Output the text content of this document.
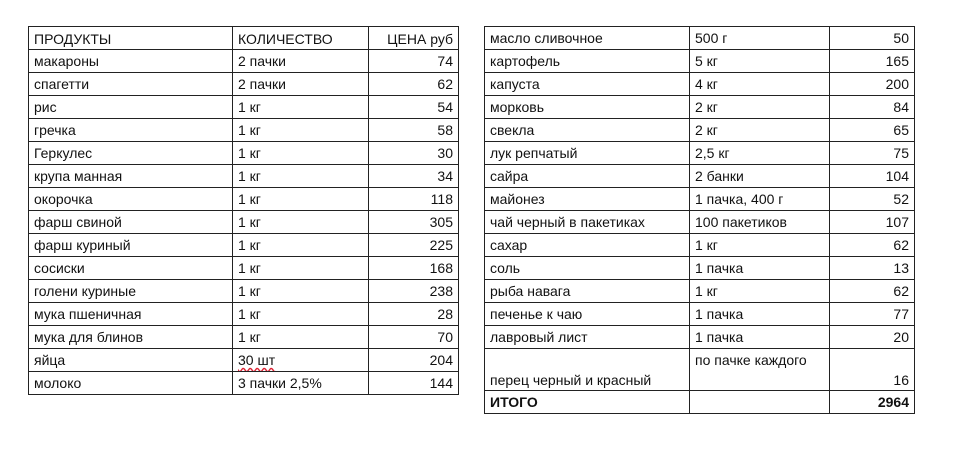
ПРОДУКТЫ	КОЛИЧЕСТВО	ЦЕНА руб
макароны	2 пачки	74
спагетти	2 пачки	62
рис	1 кг	54
гречка	1 кг	58
Геркулес	1 кг	30
крупа манная	1 кг	34
окорочка	1 кг	118
фарш свиной	1 кг	305
фарш куриный	1 кг	225
сосиски	1 кг	168
голени куриные	1 кг	238
мука пшеничная	1 кг	28
мука для блинов	1 кг	70
яйца	30 шт	204
молоко	3 пачки 2,5%	144
масло сливочное	500 г	50
картофель	5 кг	165
капуста	4 кг	200
морковь	2 кг	84
свекла	2 кг	65
лук репчатый	2,5 кг	75
сайра	2 банки	104
майонез	1 пачка, 400 г	52
чай черный в пакетиках	100 пакетиков	107
сахар	1 кг	62
соль	1 пачка	13
рыба навага	1 кг	62
печенье к чаю	1 пачка	77
лавровый лист	1 пачка	20
перец черный и красный	по пачке каждого	16
ИТОГО		2964
